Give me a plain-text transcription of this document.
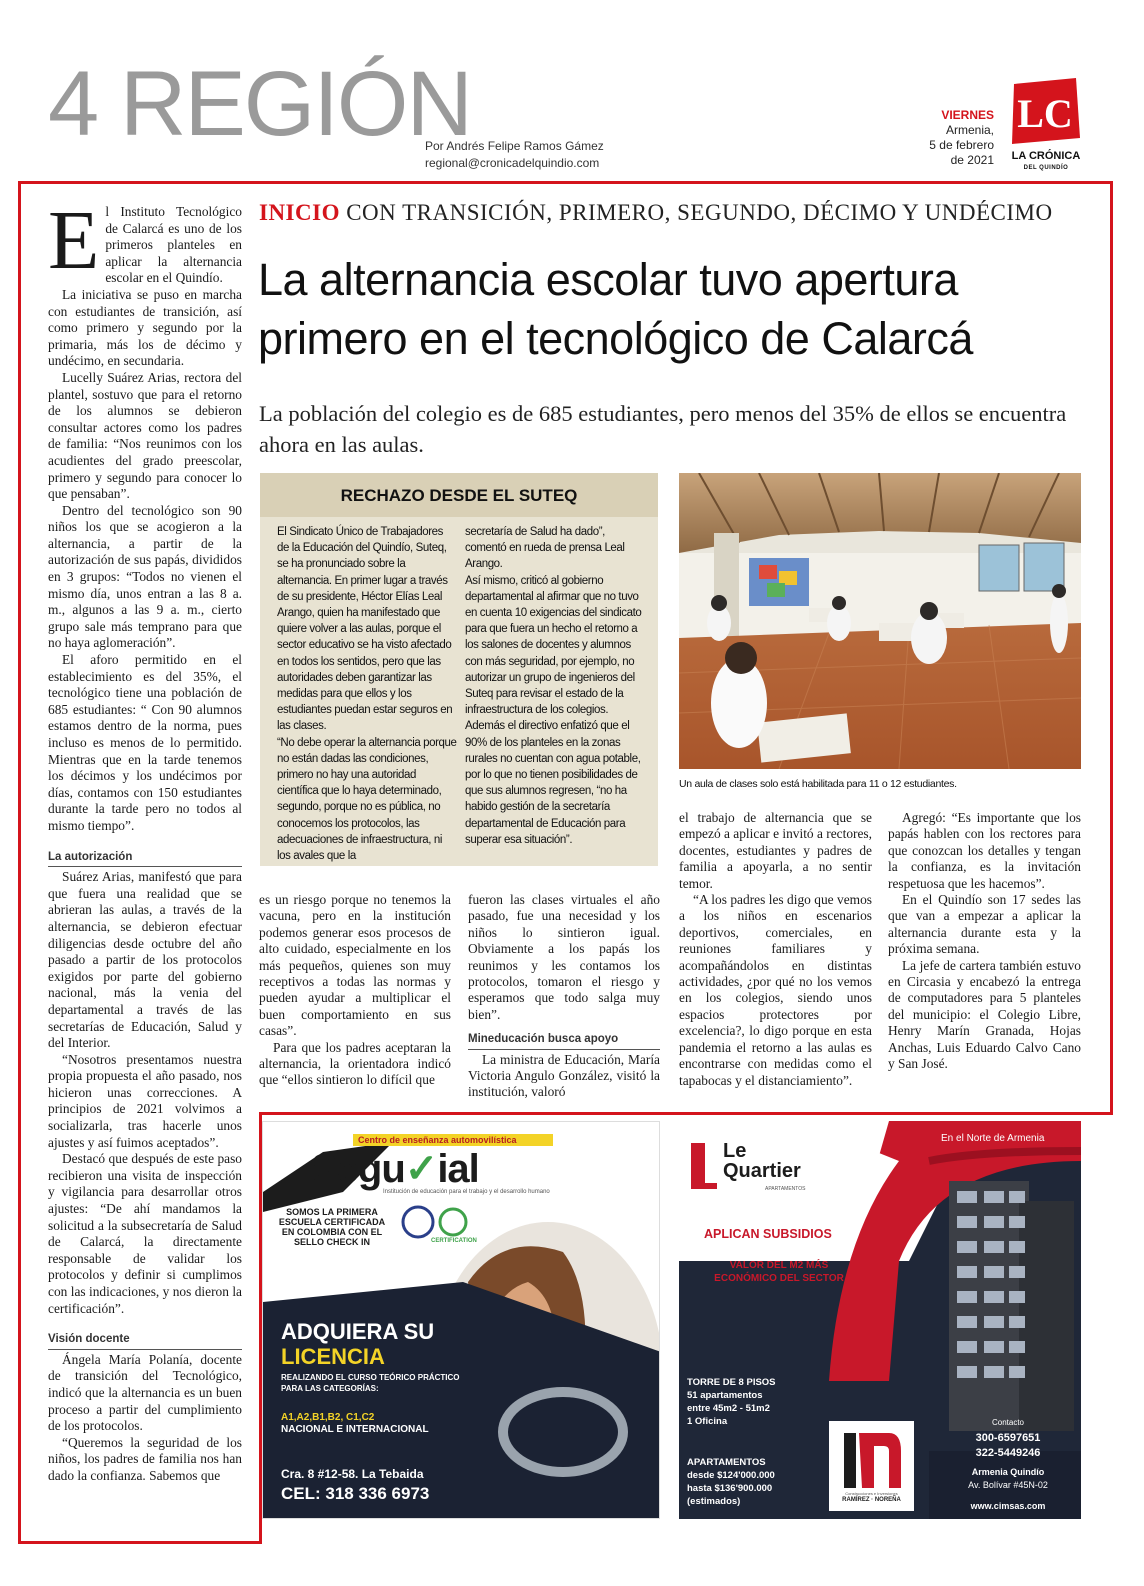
4 REGIÓN
Por Andrés Felipe Ramos Gámez
regional@cronicadelquindio.com
VIERNES
Armenia,
5 de febrero
de 2021
LC
LA CRÓNICA
DEL QUINDÍO

El Instituto Tecnológico de Calarcá es uno de los primeros planteles en aplicar la alternancia escolar en el Quindío.

La iniciativa se puso en marcha con estudiantes de transición, así como primero y segundo por la primaria, más los de décimo y undécimo, en secundaria.

Lucelly Suárez Arias, rectora del plantel, sostuvo que para el retorno de los alumnos se debieron consultar actores como los padres de familia: “Nos reunimos con los acudientes del grado preescolar, primero y segundo para conocer lo que pensaban”.

Dentro del tecnológico son 90 niños los que se acogieron a la alternancia, a partir de la autorización de sus papás, divididos en 3 grupos: “Todos no vienen el mismo día, unos entran a las 8 a. m., algunos a las 9 a. m., cierto grupo sale más temprano para que no haya aglomeración”.

El aforo permitido en el establecimiento es del 35%, el tecnológico tiene una población de 685 estudiantes: “ Con 90 alumnos estamos dentro de la norma, pues incluso es menos de lo permitido. Mientras que en la tarde tenemos los décimos y los undécimos por días, contamos con 150 estudiantes durante la tarde pero no todos al mismo tiempo”.

La autorización

Suárez Arias, manifestó que para que fuera una realidad que se abrieran las aulas, a través de la alternancia, se debieron efectuar diligencias desde octubre del año pasado a partir de los protocolos exigidos por parte del gobierno nacional, más la venia del departamental a través de las secretarías de Educación, Salud y del Interior.

“Nosotros presentamos nuestra propia propuesta el año pasado, nos hicieron unas correcciones. A principios de 2021 volvimos a socializarla, tras hacerle unos ajustes y así fuimos aceptados”.

Destacó que después de este paso recibieron una visita de inspección y vigilancia para desarrollar otros ajustes: “De ahí mandamos la solicitud a la subsecretaría de Salud de Calarcá, la directamente responsable de validar los protocolos y definir si cumplimos con las indicaciones, y nos dieron la certificación”.

Visión docente

Ángela María Polanía, docente de transición del Tecnológico, indicó que la alternancia es un buen proceso a partir del cumplimiento de los protocolos.

“Queremos la seguridad de los niños, los padres de familia nos han dado la confianza. Sabemos que

INICIO CON TRANSICIÓN, PRIMERO, SEGUNDO, DÉCIMO Y UNDÉCIMO
La alternancia escolar tuvo apertura primero en el tecnológico de Calarcá
La población del colegio es de 685 estudiantes, pero menos del 35% de ellos se encuentra ahora en las aulas.
RECHAZO DESDE EL SUTEQ

El Sindicato Único de Trabajadores de la Educación del Quindío, Suteq, se ha pronunciado sobre la alternancia. En primer lugar a través de su presidente, Héctor Elías Leal Arango, quien ha manifestado que quiere volver a las aulas, porque el sector educativo se ha visto afectado en todos los sentidos, pero que las autoridades deben garantizar las medidas para que ellos y los estudiantes puedan estar seguros en las clases.

“No debe operar la alternancia porque no están dadas las condiciones, primero no hay una autoridad científica que lo haya determinado, segundo, porque no es pública, no conocemos los protocolos, las adecuaciones de infraestructura, ni los avales que la

secretaría de Salud ha dado”, comentó en rueda de prensa Leal Arango.

Así mismo, criticó al gobierno departamental al afirmar que no tuvo en cuenta 10 exigencias del sindicato para que fuera un hecho el retorno a los salones de docentes y alumnos con más seguridad, por ejemplo, no autorizar un grupo de ingenieros del Suteq para revisar el estado de la infraestructura de los colegios.

Además el directivo enfatizó que el 90% de los planteles en la zonas rurales no cuentan con agua potable, por lo que no tienen posibilidades de que sus alumnos regresen, “no ha habido gestión de la secretaría departamental de Educación para superar esa situación”.

Un aula de clases solo está habilitada para 11 o 12 estudiantes.

es un riesgo porque no tenemos la vacuna, pero en la institución podemos generar esos procesos de alto cuidado, especialmente en los más pequeños, quienes son muy receptivos a todas las normas y pueden ayudar a multiplicar el buen comportamiento en sus casas”.

Para que los padres aceptaran la alternancia, la orientadora indicó que “ellos sintieron lo difícil que

fueron las clases virtuales el año pasado, fue una necesidad y los niños lo sintieron igual. Obviamente a los papás los reunimos y les contamos los protocolos, tomaron el riesgo y esperamos que todo salga muy bien”.

Mineducación busca apoyo

La ministra de Educación, María Victoria Angulo González, visitó la institución, valoró

el trabajo de alternancia que se empezó a aplicar e invitó a rectores, docentes, estudiantes y padres de familia a apoyarla, a no sentir temor.

“A los padres les digo que vemos a los niños en escenarios deportivos, comerciales, en reuniones familiares y acompañándolos en distintas actividades, ¿por qué no los vemos en los colegios, siendo unos espacios protectores por excelencia?, lo digo porque en esta pandemia el retorno a las aulas es encontrarse con medidas como el tapabocas y el distanciamiento”.

Agregó: “Es importante que los papás hablen con los rectores para que conozcan los detalles y tengan la confianza, es la invitación respetuosa que les hacemos”.

En el Quindío son 17 sedes las que van a empezar a aplicar la alternancia durante esta y la próxima semana.

La jefe de cartera también estuvo en Circasia y encabezó la entrega de computadores para 5 planteles del municipio: el Colegio Libre, Henry Marín Granada, Hojas Anchas, Luis Eduardo Calvo Cano y San José.

Centro de enseñanza automovilística
Segu✓ial
Institución de educación para el trabajo y el desarrollo humano
SOMOS LA PRIMERA ESCUELA CERTIFICADA EN COLOMBIA CON EL SELLO CHECK IN	CERTIFICATION
ADQUIERA SU
LICENCIA
REALIZANDO EL CURSO TEÓRICO PRÁCTICO PARA LAS CATEGORÍAS:
A1,A2,B1,B2, C1,C2
NACIONAL E INTERNACIONAL
Cra. 8 #12-58. La Tebaida
CEL: 318 336 6973
Le
Quartier
APARTAMENTOS
En el Norte de Armenia
APLICAN SUBSIDIOS
VALOR DEL M2 MÁS
ECONÓMICO DEL SECTOR
TORRE DE 8 PISOS
51 apartamentos
entre 45m2 - 51m2
1 Oficina
APARTAMENTOS
desde $124'000.000
hasta $136'900.000
(estimados)	RAMÍREZ · NOREÑA
Construcciones e Inversiones
Contacto
300-6597651
322-5449246
Armenia Quindío
Av. Bolívar #45N-02
www.cimsas.com
